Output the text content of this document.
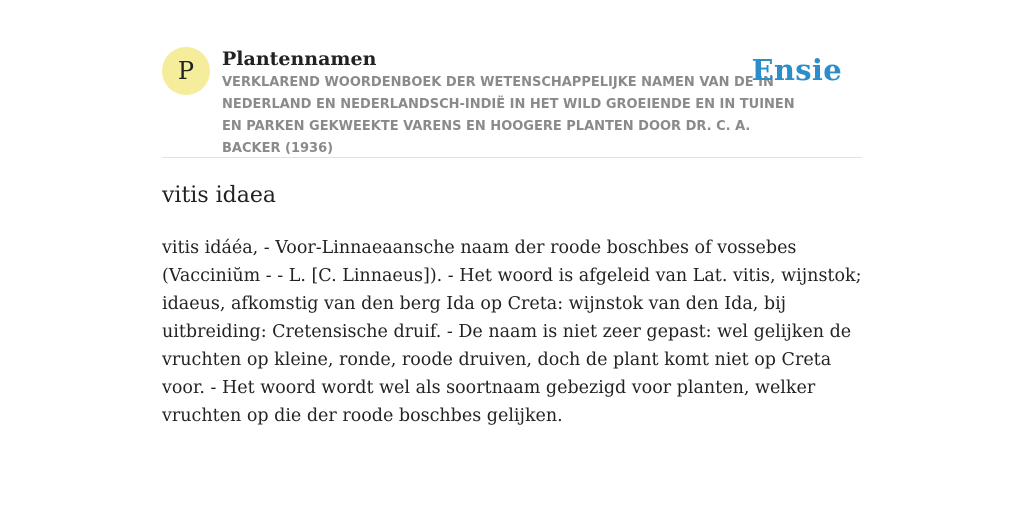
P	Plantennamen

VERKLAREND WOORDENBOEK DER WETENSCHAPPELIJKE NAMEN VAN DE IN NEDERLAND EN NEDERLANDSCH-INDIË IN HET WILD GROEIENDE EN IN TUINEN EN PARKEN GEKWEEKTE VARENS EN HOOGERE PLANTEN DOOR DR. C. A. BACKER (1936)

Ensie
vitis idaea

vitis idáéa, - Voor-Linnaeaansche naam der roode boschbes of vossebes (Vacciniŭm - - L. [C. Linnaeus]). - Het woord is afgeleid van Lat. vitis, wijnstok; idaeus, afkomstig van den berg Ida op Creta: wijnstok van den Ida, bij uitbreiding: Cretensische druif. - De naam is niet zeer gepast: wel gelijken de vruchten op kleine, ronde, roode druiven, doch de plant komt niet op Creta voor. - Het woord wordt wel als soortnaam gebezigd voor planten, welker vruchten op die der roode boschbes gelijken.
